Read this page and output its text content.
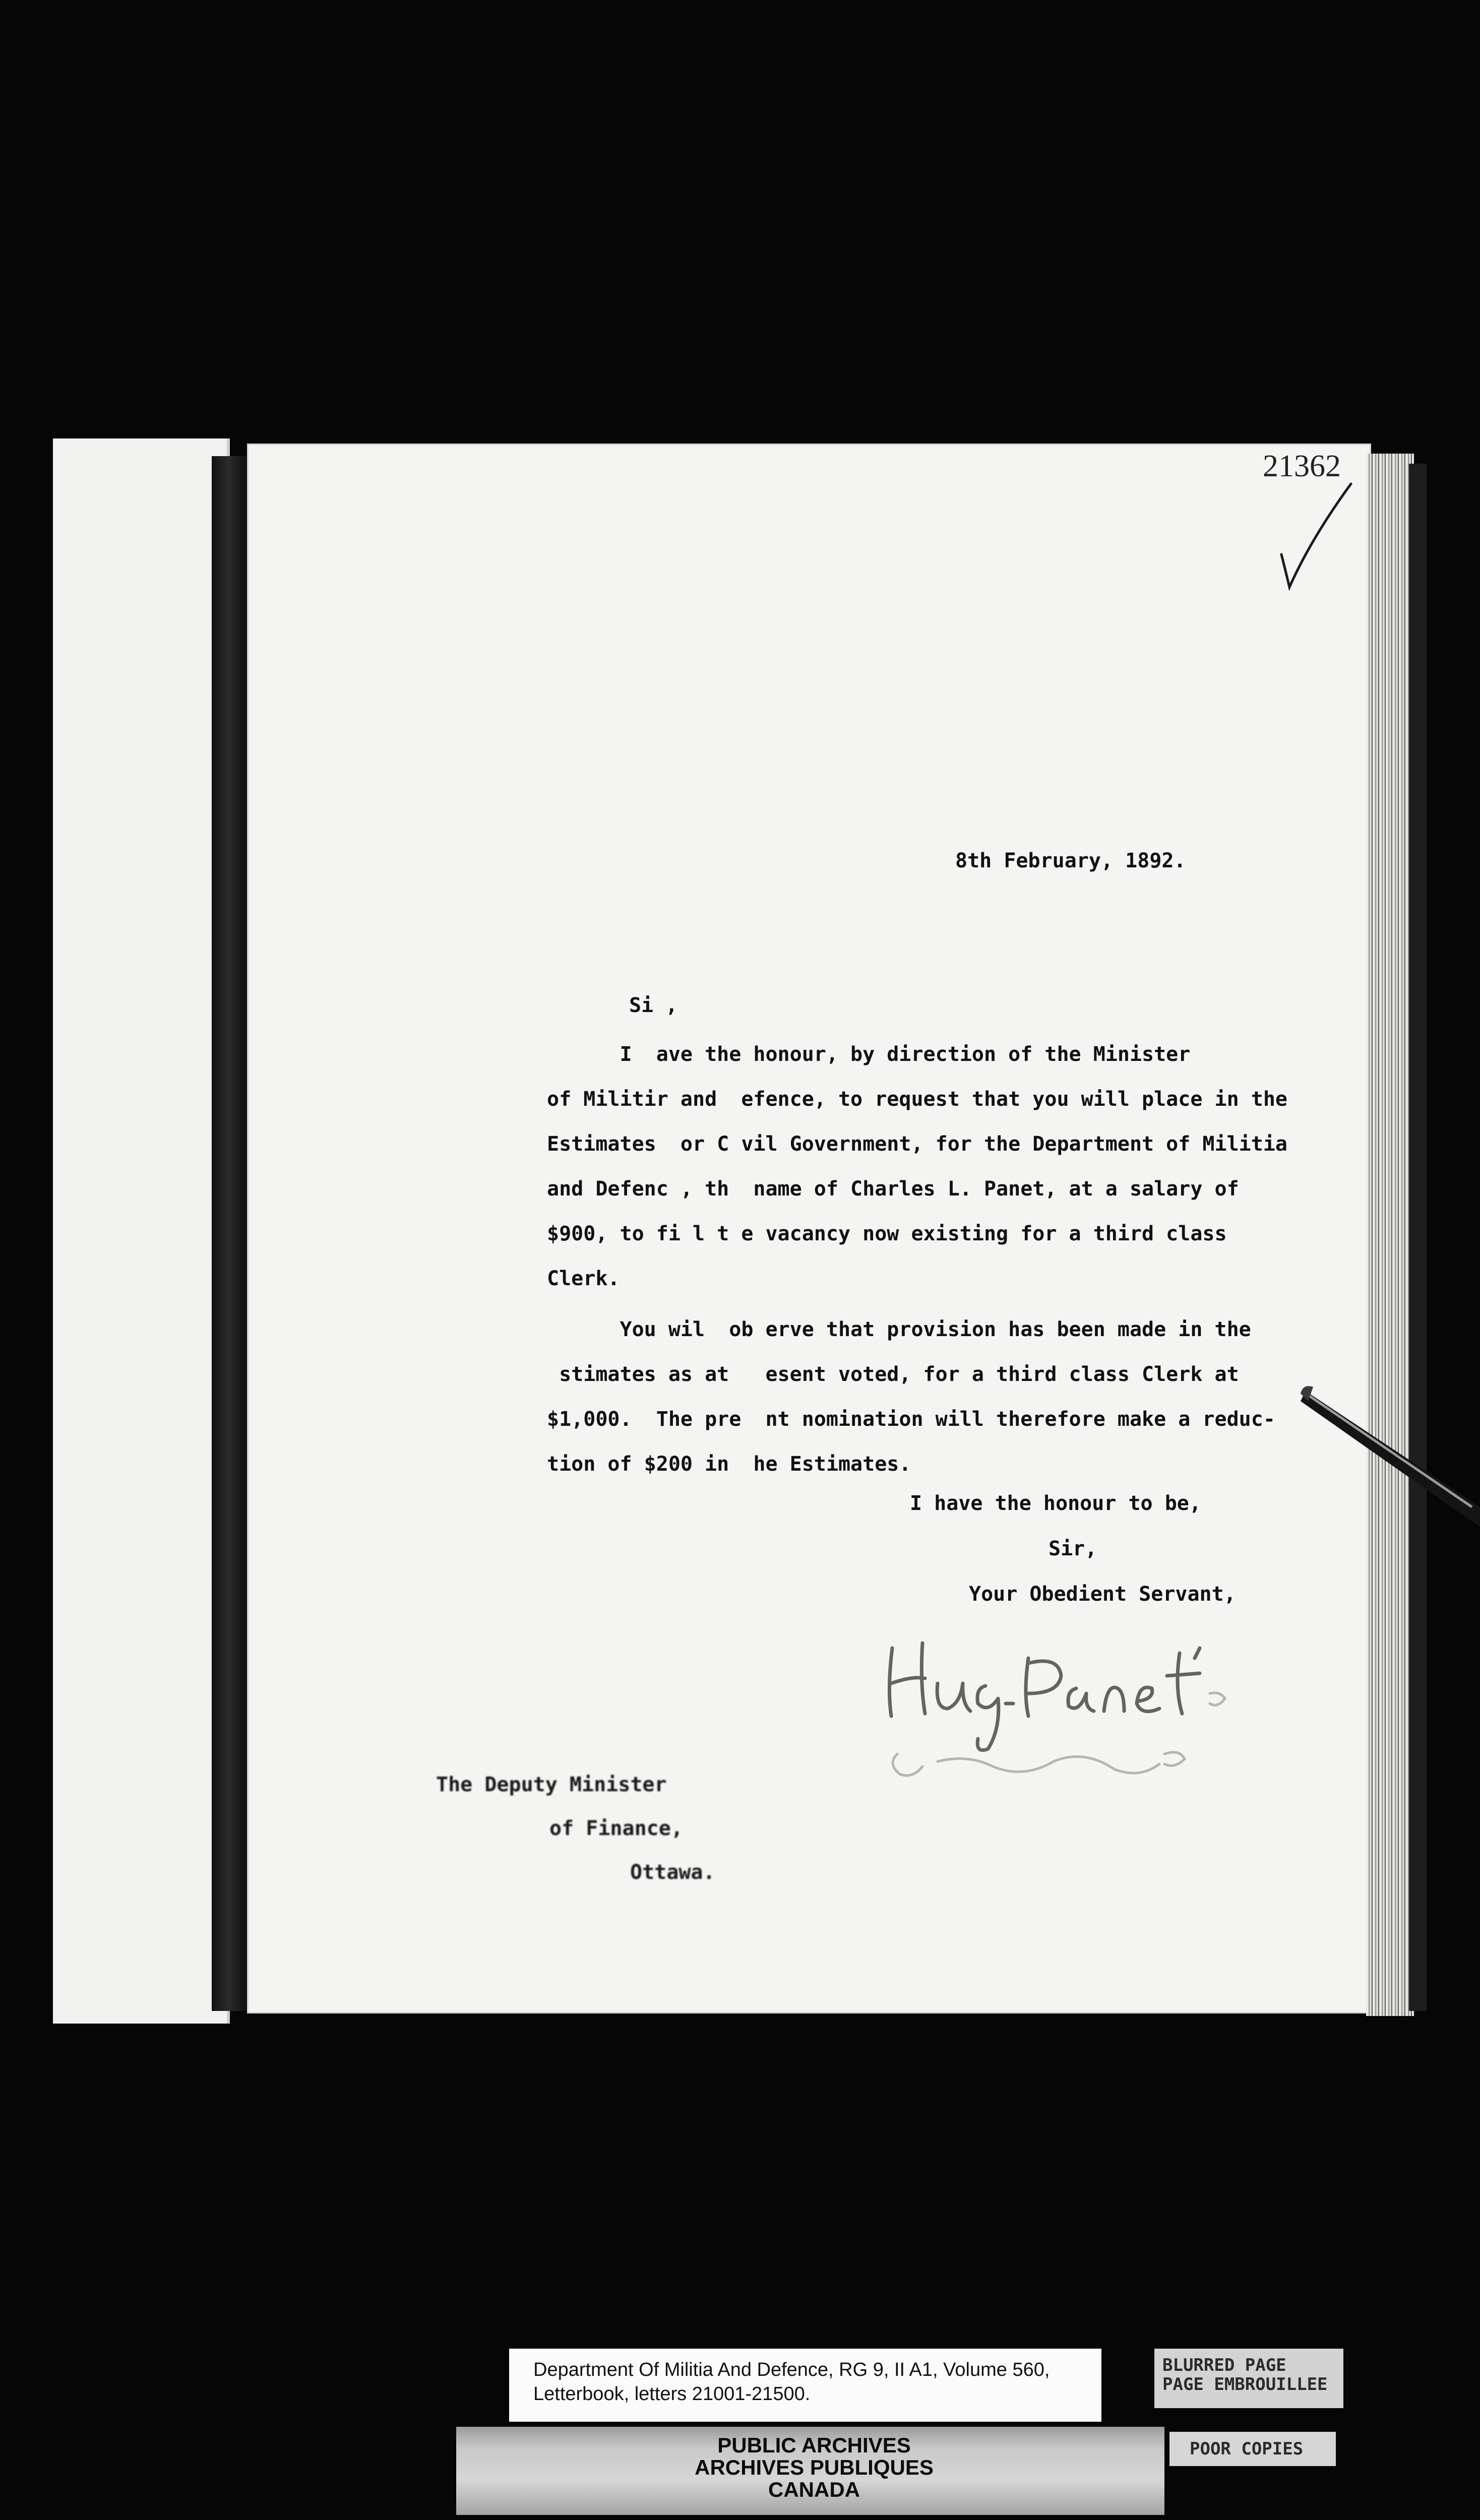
21362
8th February, 1892.
Si ,
I  ave the honour, by direction of the Minister
of Militir and  efence, to request that you will place in the
Estimates  or C vil Government, for the Department of Militia
and Defenc , th  name of Charles L. Panet, at a salary of
$900, to fi l t e vacancy now existing for a third class
Clerk.
You wil  ob erve that provision has been made in the
stimates as at   esent voted, for a third class Clerk at
$1,000.  The pre  nt nomination will therefore make a reduc-
tion of $200 in  he Estimates.
I have the honour to be,
Sir,
Your Obedient Servant,
The Deputy Minister
of Finance,
Ottawa.
Department Of Militia And Defence, RG 9, II A1, Volume 560,
Letterbook, letters 21001-21500.
PUBLIC ARCHIVES
ARCHIVES PUBLIQUES
CANADA
BLURRED PAGE
PAGE EMBROUILLEE
POOR COPIES
